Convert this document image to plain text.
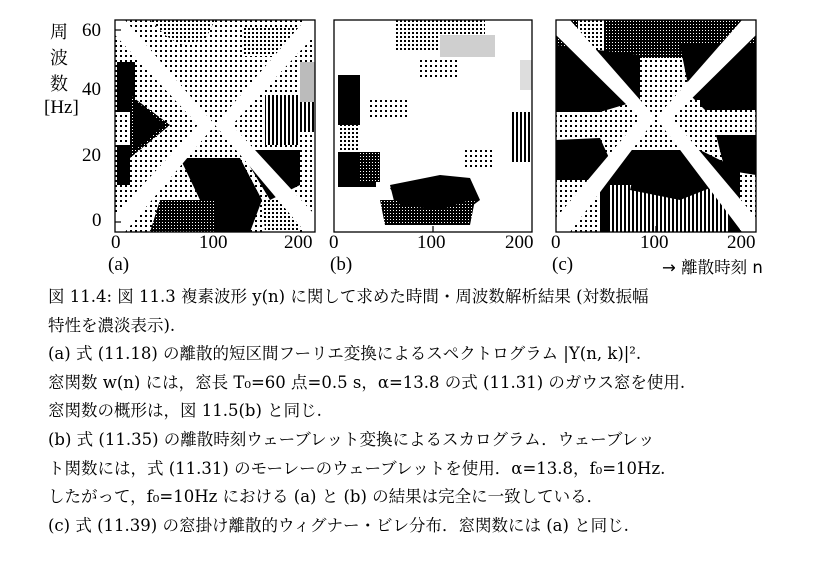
周
波
数
[Hz]
60
40
20
0
0	100	200 0	100	200 0	100	200
(a)	(b)	(c)	→ 離散時刻 n
図 11.4: 図 11.3 複素波形 y(n) に関して求めた時間・周波数解析結果 (対数振幅
特性を濃淡表示).
(a) 式 (11.18) の離散的短区間フーリエ変換によるスペクトログラム |Y(n, k)|².
窓関数 w(n) には，窓長 T₀=60 点=0.5 s，α=13.8 の式 (11.31) のガウス窓を使用.
窓関数の概形は，図 11.5(b) と同じ.
(b) 式 (11.35) の離散時刻ウェーブレット変換によるスカログラム．ウェーブレッ
ト関数には，式 (11.31) のモーレーのウェーブレットを使用．α=13.8，f₀=10Hz.
したがって，f₀=10Hz における (a) と (b) の結果は完全に一致している．
(c) 式 (11.39) の窓掛け離散的ウィグナー・ビレ分布．窓関数には (a) と同じ.
